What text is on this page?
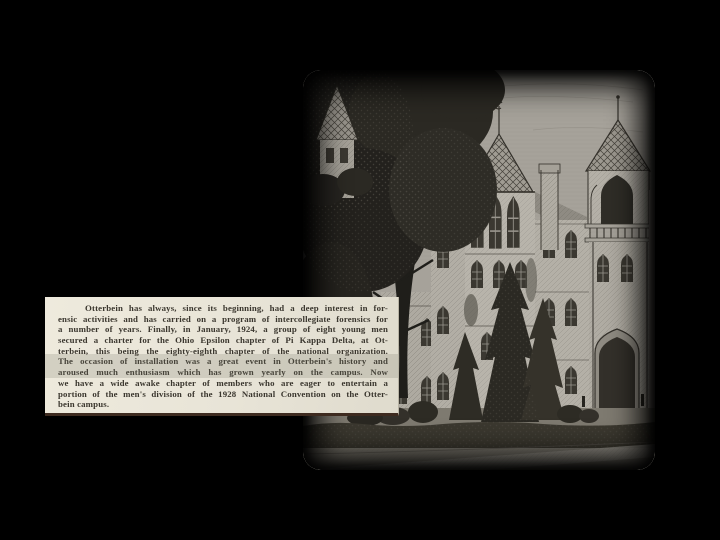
Otterbein has always, since its beginning, had a deep interest in for-
ensic activities and has carried on a program of intercollegiate forensics for
a number of years. Finally, in January, 1924, a group of eight young men
secured a charter for the Ohio Epsilon chapter of Pi Kappa Delta, at Ot-
terbein, this being the eighty-eighth chapter of the national organization.
The occasion of installation was a great event in Otterbein's history and
aroused much enthusiasm which has grown yearly on the campus. Now
we have a wide awake chapter of members who are eager to entertain a
portion of the men's division of the 1928 National Convention on the Otter-
bein campus.
